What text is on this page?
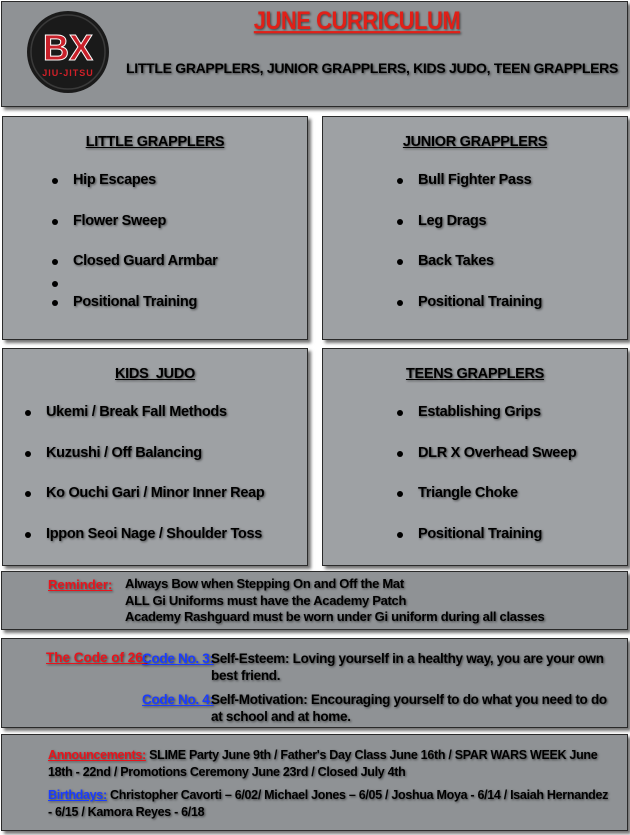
BX
JIU-JITSU
JUNE CURRICULUM
LITTLE GRAPPLERS, JUNIOR GRAPPLERS, KIDS JUDO, TEEN GRAPPLERS
LITTLE GRAPPLERS
Hip Escapes
Flower Sweep
Closed Guard Armbar
Positional Training
JUNIOR GRAPPLERS
Bull Fighter Pass
Leg Drags
Back Takes
Positional Training
KIDS  JUDO
Ukemi / Break Fall Methods
Kuzushi / Off Balancing
Ko Ouchi Gari / Minor Inner Reap
Ippon Seoi Nage / Shoulder Toss
TEENS GRAPPLERS
Establishing Grips
DLR X Overhead Sweep
Triangle Choke
Positional Training
Reminder: Always Bow when Stepping On and Off the Mat
ALL Gi Uniforms must have the Academy Patch
Academy Rashguard must be worn under Gi uniform during all classes
The Code of 26:
Code No. 3:
Self-Esteem: Loving yourself in a healthy way, you are your own best friend.
Code No. 4:
Self-Motivation: Encouraging yourself to do what you need to do at school and at home.
Announcements: SLIME Party June 9th / Father's Day Class June 16th / SPAR WARS WEEK June 18th - 22nd / Promotions Ceremony June 23rd / Closed July 4th
Birthdays: Christopher Cavorti – 6/02/ Michael Jones – 6/05 / Joshua Moya - 6/14 / Isaiah Hernandez - 6/15 / Kamora Reyes - 6/18
